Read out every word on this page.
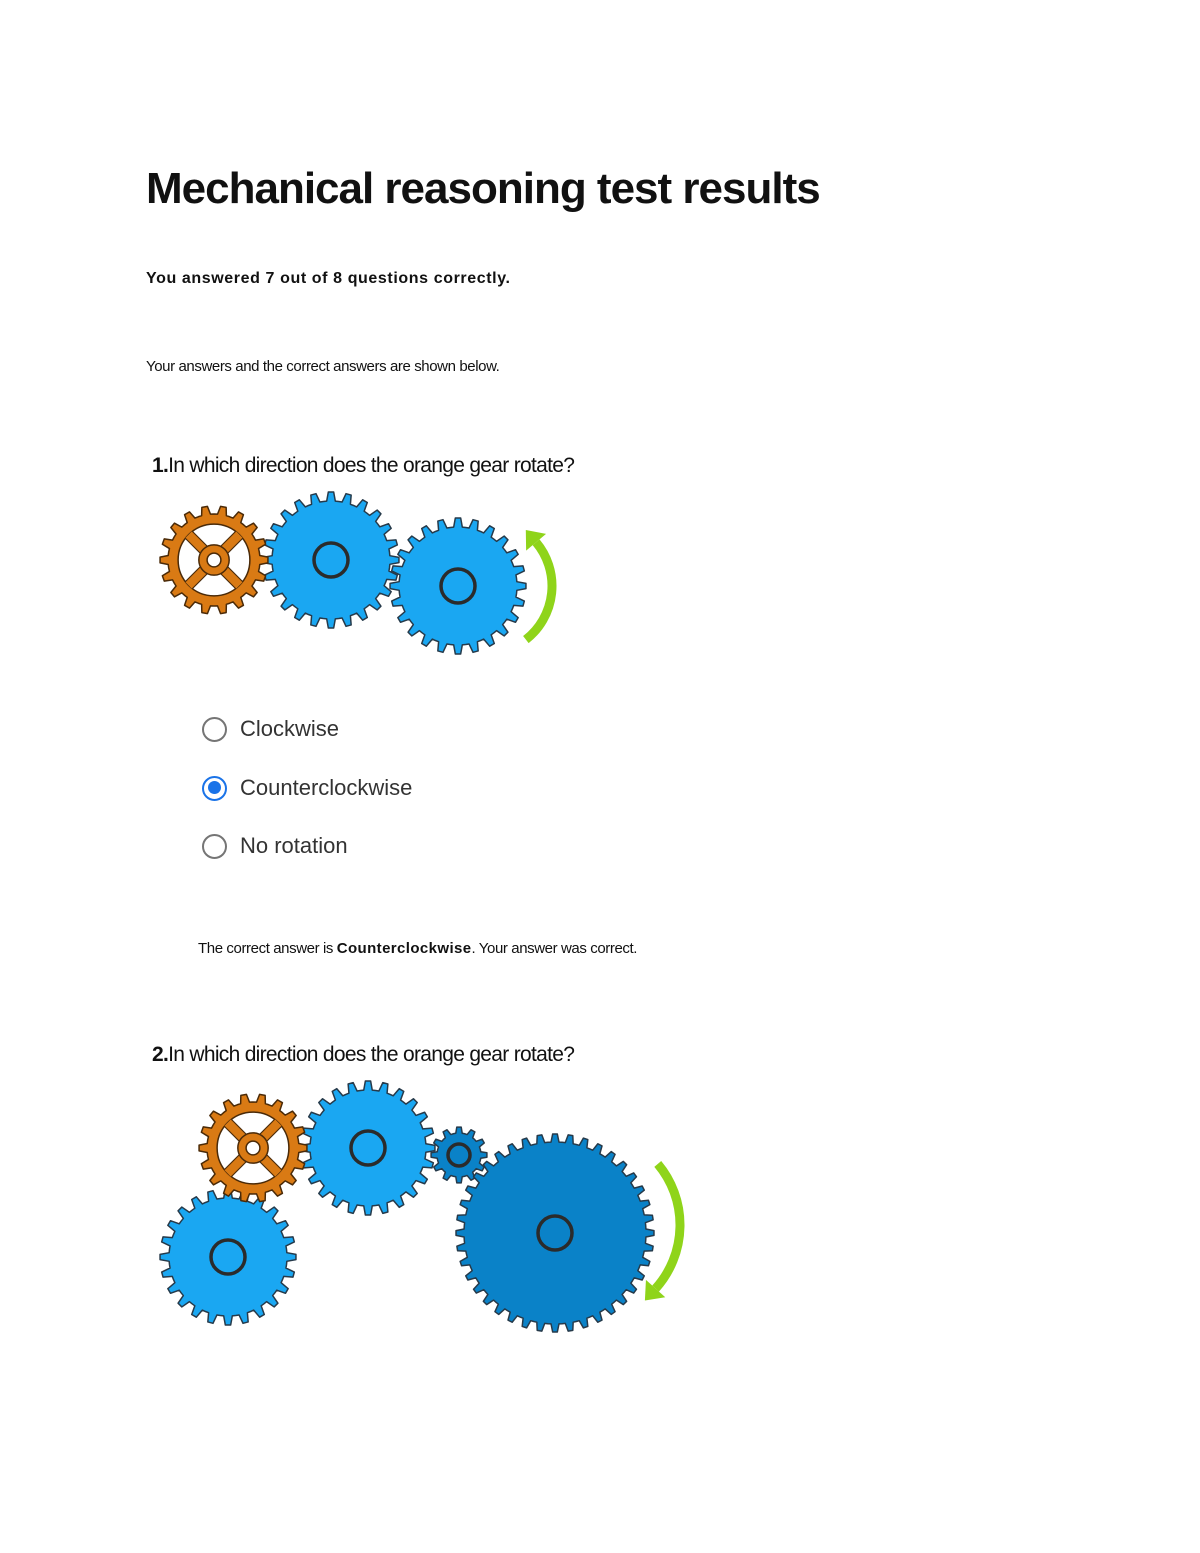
Mechanical reasoning test results

You answered 7 out of 8 questions correctly.

Your answers and the correct answers are shown below.

1.In which direction does the orange gear rotate?

Clockwise
Counterclockwise
No rotation

The correct answer is Counterclockwise. Your answer was correct.

2.In which direction does the orange gear rotate?
